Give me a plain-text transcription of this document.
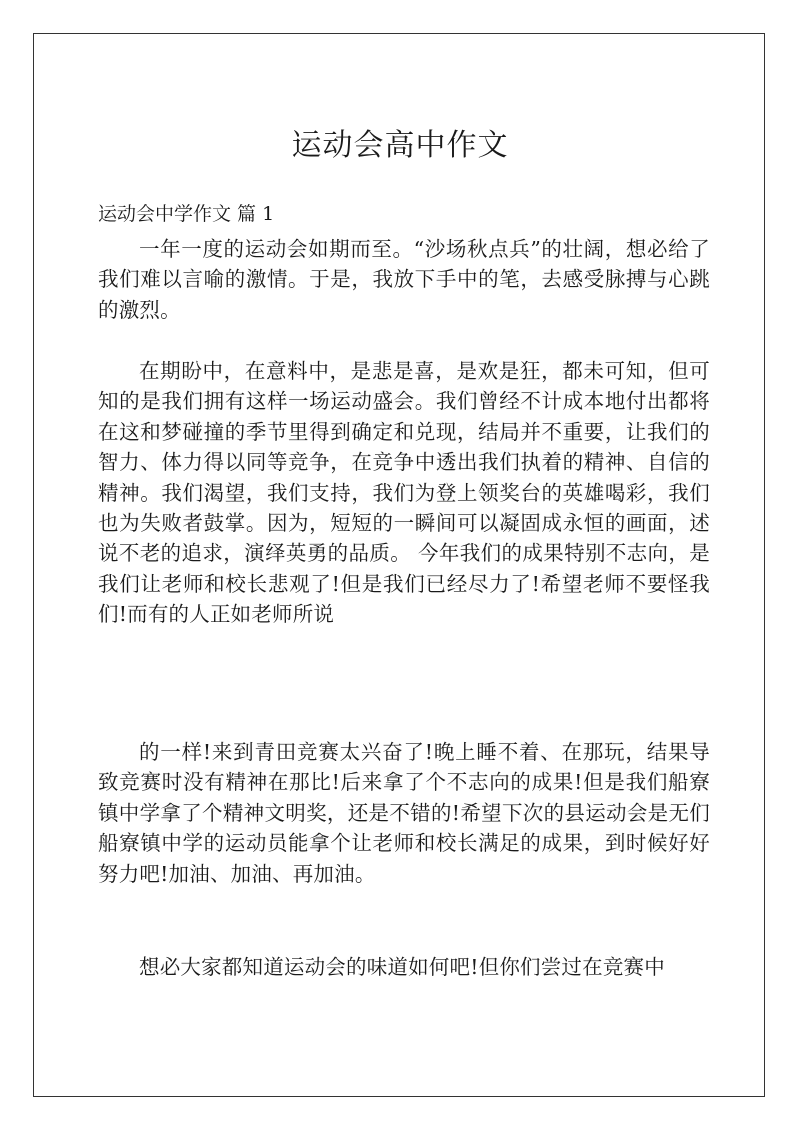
运动会高中作文

运动会中学作文 篇 1

一年一度的运动会如期而至。“沙场秋点兵”的壮阔，想必给了我们难以言喻的激情。于是，我放下手中的笔，去感受脉搏与心跳的激烈。

在期盼中，在意料中，是悲是喜，是欢是狂，都未可知，但可知的是我们拥有这样一场运动盛会。我们曾经不计成本地付出都将在这和梦碰撞的季节里得到确定和兑现，结局并不重要，让我们的智力、体力得以同等竞争，在竞争中透出我们执着的精神、自信的精神。我们渴望，我们支持，我们为登上领奖台的英雄喝彩，我们也为失败者鼓掌。因为，短短的一瞬间可以凝固成永恒的画面，述说不老的追求，演绎英勇的品质。 今年我们的成果特别不志向，是我们让老师和校长悲观了!但是我们已经尽力了!希望老师不要怪我们!而有的人正如老师所说

的一样!来到青田竞赛太兴奋了!晚上睡不着、在那玩，结果导致竞赛时没有精神在那比!后来拿了个不志向的成果!但是我们船寮镇中学拿了个精神文明奖，还是不错的!希望下次的县运动会是无们船寮镇中学的运动员能拿个让老师和校长满足的成果，到时候好好努力吧!加油、加油、再加油。

想必大家都知道运动会的味道如何吧!但你们尝过在竞赛中
